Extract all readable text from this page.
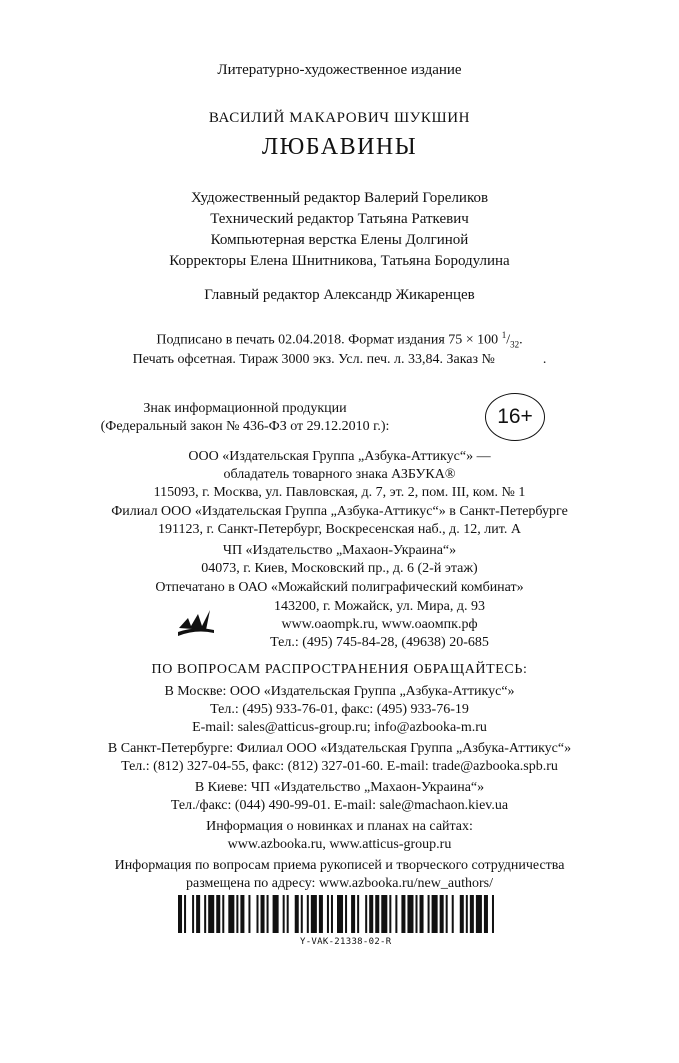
Литературно-художественное издание
ВАСИЛИЙ МАКАРОВИЧ ШУКШИН
ЛЮБАВИНЫ
Художественный редактор Валерий Гореликов
Технический редактор Татьяна Раткевич
Компьютерная верстка Елены Долгиной
Корректоры Елена Шнитникова, Татьяна Бородулина
Главный редактор Александр Жикаренцев
Подписано в печать 02.04.2018. Формат издания 75 × 100 $^1/_{32}$.
Печать офсетная. Тираж 3000 экз. Усл. печ. л. 33,84. Заказ №	.
Знак информационной продукции
(Федеральный закон № 436-ФЗ от 29.12.2010 г.):	16+
ООО «Издательская Группа „Азбука-Аттикус“» —
обладатель товарного знака АЗБУКА®
115093, г. Москва, ул. Павловская, д. 7, эт. 2, пом. III, ком. № 1
Филиал ООО «Издательская Группа „Азбука-Аттикус“» в Санкт-Петербурге
191123, г. Санкт-Петербург, Воскресенская наб., д. 12, лит. А
ЧП «Издательство „Махаон-Украина“»
04073, г. Киев, Московский пр., д. 6 (2-й этаж)
Отпечатано в ОАО «Можайский полиграфический комбинат»
143200, г. Можайск, ул. Мира, д. 93
www.oaompk.ru, www.oaoмпк.рф
Тел.: (495) 745-84-28, (49638) 20-685
ПО ВОПРОСАМ РАСПРОСТРАНЕНИЯ ОБРАЩАЙТЕСЬ:
В Москве: ООО «Издательская Группа „Азбука-Аттикус“»
Тел.: (495) 933-76-01, факс: (495) 933-76-19
E-mail: sales@atticus-group.ru; info@azbooka-m.ru
В Санкт-Петербурге: Филиал ООО «Издательская Группа „Азбука-Аттикус“»
Тел.: (812) 327-04-55, факс: (812) 327-01-60. E-mail: trade@azbooka.spb.ru
В Киеве: ЧП «Издательство „Махаон-Украина“»
Тел./факс: (044) 490-99-01. E-mail: sale@machaon.kiev.ua
Информация о новинках и планах на сайтах:
www.azbooka.ru, www.atticus-group.ru
Информация по вопросам приема рукописей и творческого сотрудничества
размещена по адресу: www.azbooka.ru/new_authors/
Y-VAK-21338-02-R
